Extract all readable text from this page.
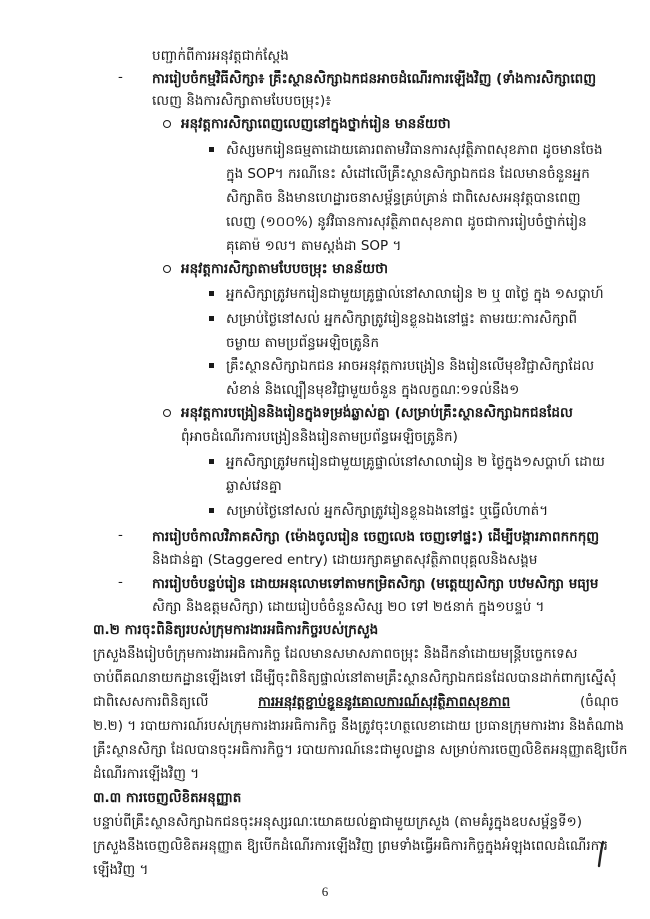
បញ្ជាក់ពីការអនុវត្តជាក់ស្តែង
- ការរៀបចំកម្មវិធីសិក្សា៖ គ្រឹះស្ថានសិក្សាឯកជនអាចដំណើរការឡើងវិញ (ទាំងការសិក្សាពេញ
លេញ និងការសិក្សាតាមបែបចម្រុះ)៖
អនុវត្តការសិក្សាពេញលេញនៅក្នុងថ្នាក់រៀន មានន័យថា
សិស្សមករៀនធម្មតាដោយគោរពតាមវិធានការសុវត្ថិភាពសុខភាព ដូចមានចែង
ក្នុង SOP។ ករណីនេះ សំដៅលើគ្រឹះស្ថានសិក្សាឯកជន ដែលមានចំនួនអ្នក
សិក្សាតិច និងមានហេដ្ឋារចនាសម្ព័ន្ធគ្រប់គ្រាន់ ជាពិសេសអនុវត្តបានពេញ
លេញ (១០០%) នូវវិធានការសុវត្ថិភាពសុខភាព ដូចជាការរៀបចំថ្នាក់រៀន
គុគោម៉ ១ល។ តាមស្តង់ដា SOP ។
អនុវត្តការសិក្សាតាមបែបចម្រុះ មានន័យថា
អ្នកសិក្សាត្រូវមករៀនជាមួយគ្រូផ្ទាល់នៅសាលារៀន ២ ឬ ៣ថ្ងៃ ក្នុង ១សប្តាហ៍
សម្រាប់ថ្ងៃនៅសល់ អ្នកសិក្សាត្រូវរៀនខ្លួនឯងនៅផ្ទះ តាមរយៈការសិក្សាពី
ចម្ងាយ តាមប្រព័ន្ធអេឡិចត្រូនិក
គ្រឹះស្ថានសិក្សាឯកជន អាចអនុវត្តការបង្រៀន និងរៀនលើមុខវិជ្ជាសិក្សាដែល
សំខាន់ និងល្បឿនមុខវិជ្ជាមួយចំនួន ក្នុងលក្ខណៈ១ទល់នឹង១
អនុវត្តការបង្រៀននិងរៀនក្នុងទម្រង់ឆ្លាស់គ្នា (សម្រាប់គ្រឹះស្ថានសិក្សាឯកជនដែល
ពុំអាចដំណើរការបង្រៀននិងរៀនតាមប្រព័ន្ធអេឡិចត្រូនិក)
អ្នកសិក្សាត្រូវមករៀនជាមួយគ្រូផ្ទាល់នៅសាលារៀន ២ ថ្ងៃក្នុង១សប្តាហ៍ ដោយ
ឆ្លាស់វេនគ្នា
សម្រាប់ថ្ងៃនៅសល់ អ្នកសិក្សាត្រូវរៀនខ្លួនឯងនៅផ្ទះ ឬធ្វើលំហាត់។
- ការរៀបចំកាលវិភាគសិក្សា (ម៉ោងចូលរៀន ចេញលេង ចេញទៅផ្ទះ) ដើម្បីបង្ការភាពកកកុញ
និងជាន់គ្នា (Staggered entry) ដោយរក្សាគម្លាតសុវត្ថិភាពបុគ្គលនិងសង្គម
- ការរៀបចំបន្ទប់រៀន ដោយអនុលោមទៅតាមកម្រិតសិក្សា (មត្តេយ្យសិក្សា បឋមសិក្សា មធ្យម
សិក្សា និងឧត្តមសិក្សា) ដោយរៀបចំចំនួនសិស្ស ២០ ទៅ ២៥នាក់ ក្នុង១បន្ទប់ ។
៣.២ ការចុះពិនិត្យរបស់ក្រុមការងារអធិការកិច្ចរបស់ក្រសួង
ក្រសួងនឹងរៀបចំក្រុមការងារអធិការកិច្ច ដែលមានសមាសភាពចម្រុះ និងដឹកនាំដោយមន្ត្រីបច្ចេកទេស
ចាប់ពីគណនាយកដ្ឋានឡើងទៅ ដើម្បីចុះពិនិត្យផ្ទាល់នៅតាមគ្រឹះស្ថានសិក្សាឯកជនដែលបានដាក់ពាក្យស្នើសុំ
ជាពិសេសការពិនិត្យលើ	ការអនុវត្តខ្ជាប់ខ្ជួននូវគោលការណ៍សុវត្ថិភាពសុខភាព	(ចំណុច
២.២) ។ របាយការណ៍របស់ក្រុមការងារអធិការកិច្ច នឹងត្រូវចុះហត្ថលេខាដោយ ប្រធានក្រុមការងារ និងតំណាង
គ្រឹះស្ថានសិក្សា ដែលបានចុះអធិការកិច្ច។ របាយការណ៍នេះជាមូលដ្ឋាន សម្រាប់ការចេញលិខិតអនុញ្ញាតឱ្យបើក
ដំណើរការឡើងវិញ ។
៣.៣ ការចេញលិខិតអនុញ្ញាត
បន្ទាប់ពីគ្រឹះស្ថានសិក្សាឯកជនចុះអនុស្សរណៈយោគយល់គ្នាជាមួយក្រសួង (តាមគំរូក្នុងឧបសម្ព័ន្ធទី១)
ក្រសួងនឹងចេញលិខិតអនុញ្ញាត ឱ្យបើកដំណើរការឡើងវិញ ព្រមទាំងធ្វើអធិការកិច្ចក្នុងអំឡុងពេលដំណើរការ
ឡើងវិញ ។
6
